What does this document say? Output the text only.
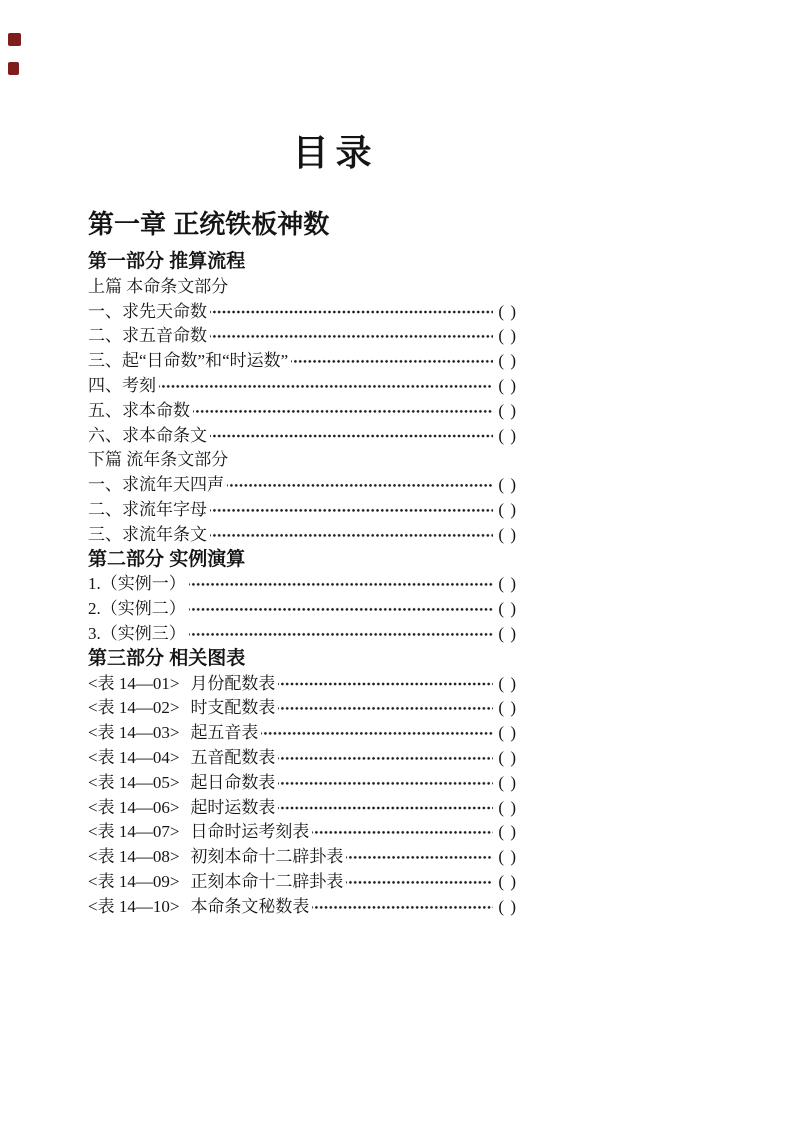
目录
第一章 正统铁板神数
第一部分 推算流程
上篇 本命条文部分
一、求先天命数	( )
二、求五音命数	( )
三、起“日命数”和“时运数”	( )
四、考刻	( )
五、求本命数	( )
六、求本命条文	( )
下篇 流年条文部分
一、求流年天四声	( )
二、求流年字母	( )
三、求流年条文	( )
第二部分 实例演算
1.（实例一）	( )
2.（实例二）	( )
3.（实例三）	( )
第三部分 相关图表
<表 14—01> 月份配数表	( )
<表 14—02> 时支配数表	( )
<表 14—03> 起五音表	( )
<表 14—04> 五音配数表	( )
<表 14—05> 起日命数表	( )
<表 14—06> 起时运数表	( )
<表 14—07> 日命时运考刻表	( )
<表 14—08> 初刻本命十二辟卦表	( )
<表 14—09> 正刻本命十二辟卦表	( )
<表 14—10> 本命条文秘数表	( )
